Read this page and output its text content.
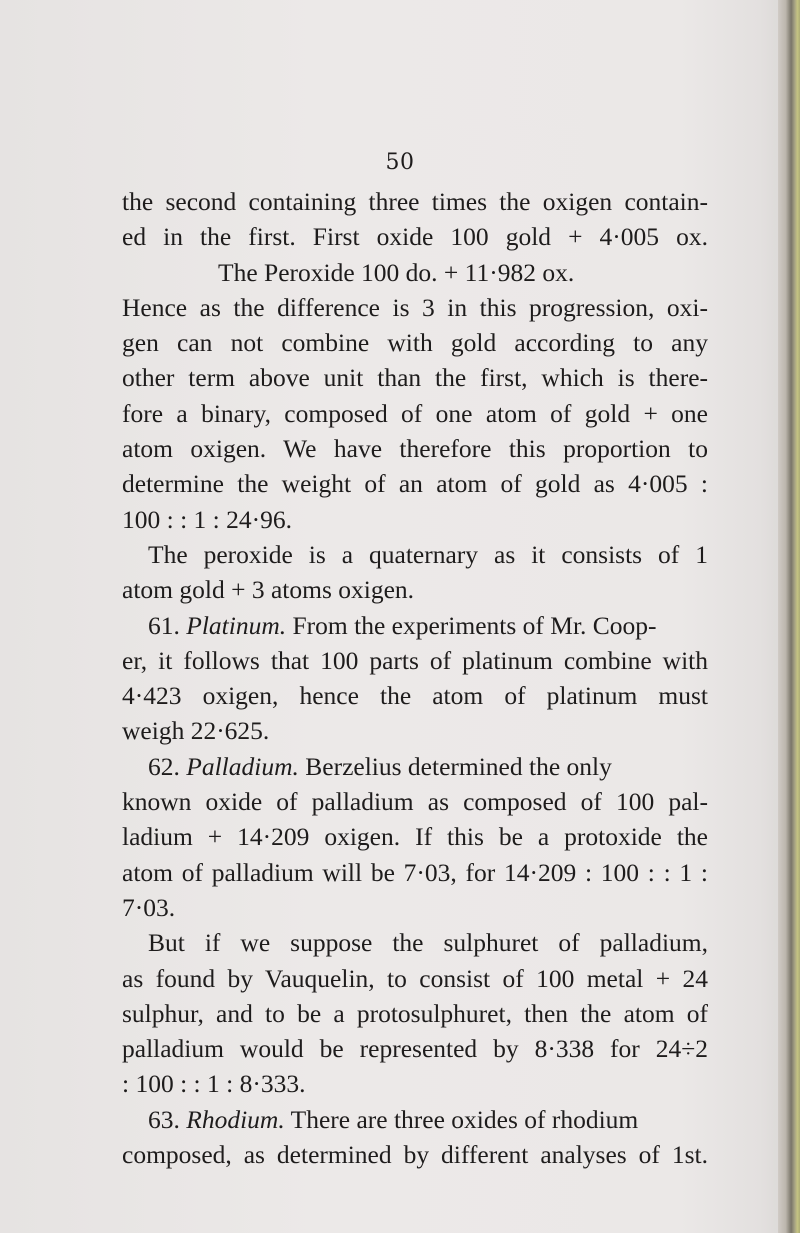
50
the second containing three times the oxigen contain-
ed in the first. First oxide 100 gold + 4·005 ox.
The Peroxide 100 do. + 11·982 ox.
Hence as the difference is 3 in this progression, oxi-
gen can not combine with gold according to any
other term above unit than the first, which is there-
fore a binary, composed of one atom of gold + one
atom oxigen. We have therefore this proportion to
determine the weight of an atom of gold as 4·005 :
100 : : 1 : 24·96.
The peroxide is a quaternary as it consists of 1
atom gold + 3 atoms oxigen.
61. Platinum. From the experiments of Mr. Coop-
er, it follows that 100 parts of platinum combine with
4·423 oxigen, hence the atom of platinum must
weigh 22·625.
62. Palladium. Berzelius determined the only
known oxide of palladium as composed of 100 pal-
ladium + 14·209 oxigen. If this be a protoxide the
atom of palladium will be 7·03, for 14·209 : 100 : : 1 :
7·03.
But if we suppose the sulphuret of palladium,
as found by Vauquelin, to consist of 100 metal + 24
sulphur, and to be a protosulphuret, then the atom of
palladium would be represented by 8·338 for 24÷2
: 100 : : 1 : 8·333.
63. Rhodium. There are three oxides of rhodium
composed, as determined by different analyses of 1st.
